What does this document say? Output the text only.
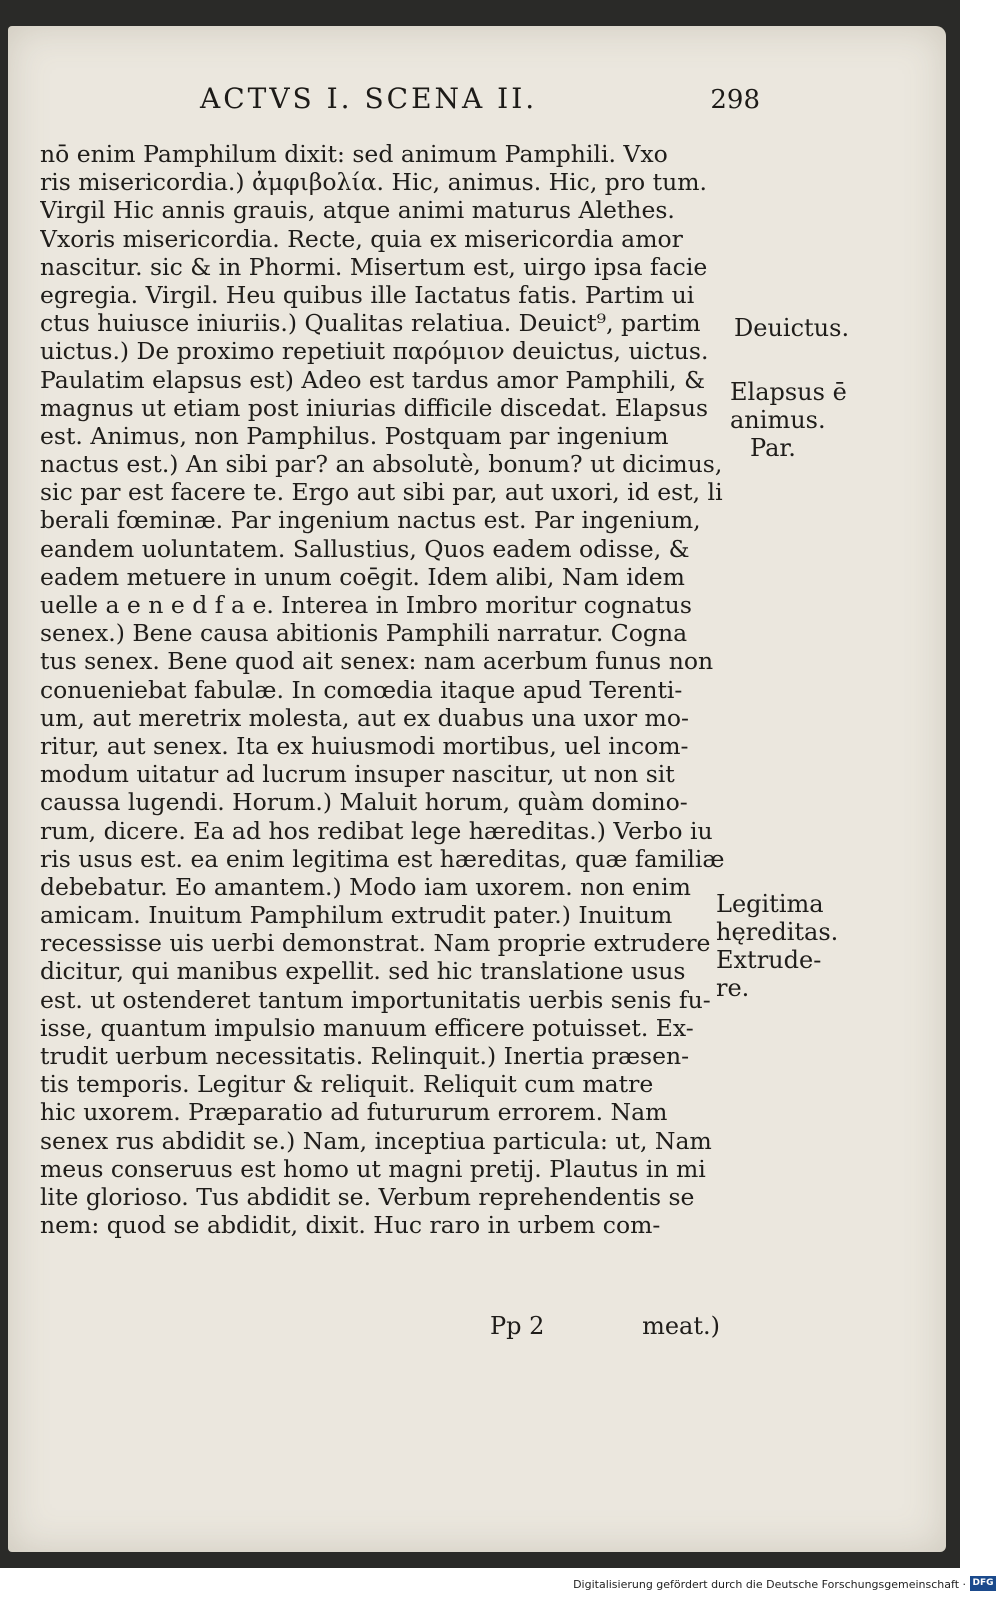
ACTVS I. SCENA II.	298
nō enim Pamphilum dixit: sed animum Pamphili. Vxo
ris misericordia.) ἀμφιβολία. Hic, animus. Hic, pro tum.
Virgil Hic annis grauis, atque animi maturus Alethes.
Vxoris misericordia. Recte, quia ex misericordia amor
nascitur. sic & in Phormi. Misertum est, uirgo ipsa facie
egregia. Virgil. Heu quibus ille Iactatus fatis. Partim ui
ctus huiusce iniuriis.) Qualitas relatiua. Deuict⁹, partim
uictus.) De proximo repetiuit παρόμιον deuictus, uictus.
Paulatim elapsus est) Adeo est tardus amor Pamphili, &
magnus ut etiam post iniurias difficile discedat. Elapsus
est. Animus, non Pamphilus. Postquam par ingenium
nactus est.) An sibi par? an absolutè, bonum? ut dicimus,
sic par est facere te. Ergo aut sibi par, aut uxori, id est, li
berali fœminæ. Par ingenium nactus est. Par ingenium,
eandem uoluntatem. Sallustius, Quos eadem odisse, &
eadem metuere in unum coēgit. Idem alibi, Nam idem
uelle a e n e d f a e. Interea in Imbro moritur cognatus
senex.) Bene causa abitionis Pamphili narratur. Cogna
tus senex. Bene quod ait senex: nam acerbum funus non
conueniebat fabulæ. In comœdia itaque apud Terenti-
um, aut meretrix molesta, aut ex duabus una uxor mo-
ritur, aut senex. Ita ex huiusmodi mortibus, uel incom-
modum uitatur ad lucrum insuper nascitur, ut non sit
caussa lugendi. Horum.) Maluit horum, quàm domino-
rum, dicere. Ea ad hos redibat lege hæreditas.) Verbo iu
ris usus est. ea enim legitima est hæreditas, quæ familiæ
debebatur. Eo amantem.) Modo iam uxorem. non enim
amicam. Inuitum Pamphilum extrudit pater.) Inuitum
recessisse uis uerbi demonstrat. Nam proprie extrudere
dicitur, qui manibus expellit. sed hic translatione usus
est. ut ostenderet tantum importunitatis uerbis senis fu-
isse, quantum impulsio manuum efficere potuisset. Ex-
trudit uerbum necessitatis. Relinquit.) Inertia præsen-
tis temporis. Legitur & reliquit. Reliquit cum matre
hic uxorem. Præparatio ad futururum errorem. Nam
senex rus abdidit se.) Nam, inceptiua particula: ut, Nam
meus conseruus est homo ut magni pretij. Plautus in mi
lite glorioso. Tus abdidit se. Verbum reprehendentis se
nem: quod se abdidit, dixit. Huc raro in urbem com-
Deuictus.
Elapsus ē
animus.
Par.
Legitima
hęreditas.
Extrude-
re.
Pp 2	meat.)
Digitalisierung gefördert durch die Deutsche Forschungsgemeinschaft · DFG
